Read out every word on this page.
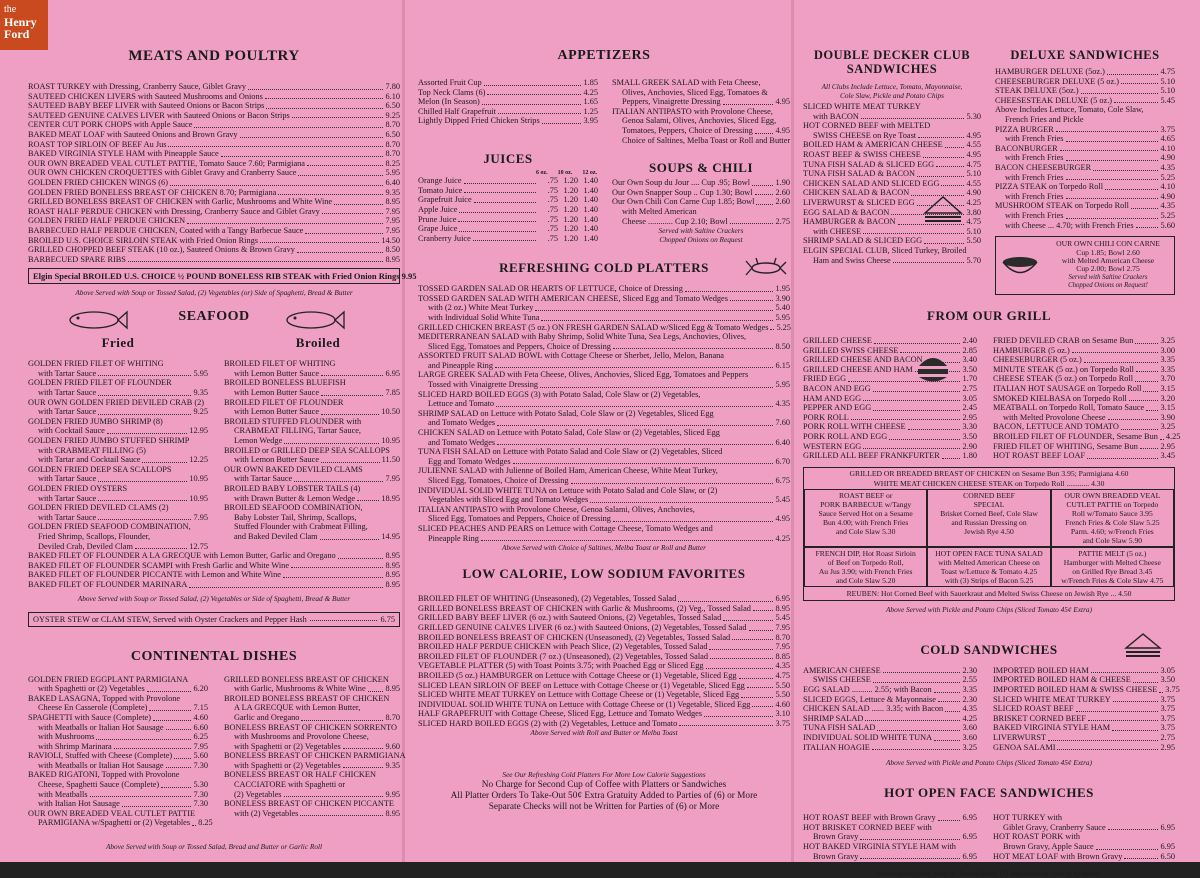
the
Henry
Ford
MEATS AND POULTRY
ROAST TURKEY with Dressing, Cranberry Sauce, Giblet Gravy	7.80
SAUTEED CHICKEN LIVERS with Sauteed Mushrooms and Onions	6.10
SAUTEED BABY BEEF LIVER with Sauteed Onions or Bacon Strips	6.50
SAUTEED GENUINE CALVES LIVER with Sauteed Onions or Bacon Strips	9.25
CENTER CUT PORK CHOPS with Apple Sauce	8.70
BAKED MEAT LOAF with Sauteed Onions and Brown Gravy	6.50
ROAST TOP SIRLOIN OF BEEF Au Jus	8.70
BAKED VIRGINIA STYLE HAM with Pineapple Sauce	8.70
OUR OWN BREADED VEAL CUTLET PATTIE, Tomato Sauce 7.60; Parmigiana	8.25
OUR OWN CHICKEN CROQUETTES with Giblet Gravy and Cranberry Sauce	5.95
GOLDEN FRIED CHICKEN WINGS (6)	6.40
GOLDEN FRIED BONELESS BREAST OF CHICKEN 8.70; Parmigiana	9.35
GRILLED BONELESS BREAST OF CHICKEN with Garlic, Mushrooms and White Wine	8.95
ROAST HALF PERDUE CHICKEN with Dressing, Cranberry Sauce and Giblet Gravy	7.95
GOLDEN FRIED HALF PERDUE CHICKEN	7.95
BARBECUED HALF PERDUE CHICKEN, Coated with a Tangy Barbecue Sauce	7.95
BROILED U.S. CHOICE SIRLOIN STEAK with Fried Onion Rings	14.50
GRILLED CHOPPED BEEF STEAK (10 oz.), Sauteed Onions & Brown Gravy	8.50
BARBECUED SPARE RIBS	8.95
Elgin Special BROILED U.S. CHOICE ½ POUND BONELESS RIB STEAK with Fried Onion Rings 9.95
Above Served with Soup or Tossed Salad, (2) Vegetables (or) Side of Spaghetti, Bread & Butter
SEAFOOD
Fried	Broiled
GOLDEN FRIED FILET OF WHITING
with Tartar Sauce	5.95
GOLDEN FRIED FILET OF FLOUNDER
with Tartar Sauce	9.35
OUR OWN GOLDEN FRIED DEVILED CRAB (2)
with Tartar Sauce	9.25
GOLDEN FRIED JUMBO SHRIMP (8)
with Cocktail Sauce	12.95
GOLDEN FRIED JUMBO STUFFED SHRIMP
with CRABMEAT FILLING (5)
with Tartar and Cocktail Sauce	12.25
GOLDEN FRIED DEEP SEA SCALLOPS
with Tartar Sauce	10.95
GOLDEN FRIED OYSTERS
with Tartar Sauce	10.95
GOLDEN FRIED DEVILED CLAMS (2)
with Tartar Sauce	7.95
GOLDEN FRIED SEAFOOD COMBINATION,
Fried Shrimp, Scallops, Flounder,
Deviled Crab, Deviled Clam	12.75
BROILED FILET OF WHITING
with Lemon Butter Sauce	6.95
BROILED BONELESS BLUEFISH
with Lemon Butter Sauce	7.85
BROILED FILET OF FLOUNDER
with Lemon Butter Sauce	10.50
BROILED STUFFED FLOUNDER with
CRABMEAT FILLING, Tartar Sauce,
Lemon Wedge	10.95
BROILED or GRILLED DEEP SEA SCALLOPS
with Lemon Butter Sauce	11.50
OUR OWN BAKED DEVILED CLAMS
with Tartar Sauce	7.95
BROILED BABY LOBSTER TAILS (4)
with Drawn Butter & Lemon Wedge	18.95
BROILED SEAFOOD COMBINATION,
Baby Lobster Tail, Shrimp, Scallops,
Stuffed Flounder with Crabmeat Filling,
and Baked Deviled Clam	14.95
BAKED FILET OF FLOUNDER A LA GRECQUE with Lemon Butter, Garlic and Oregano	8.95
BAKED FILET OF FLOUNDER SCAMPI with Fresh Garlic and White Wine	8.95
BAKED FILET OF FLOUNDER PICCANTE with Lemon and White Wine	8.95
BAKED FILET OF FLOUNDER MARINARA	8.95
Above Served with Soup or Tossed Salad, (2) Vegetables or Side of Spaghetti, Bread & Butter
OYSTER STEW or CLAM STEW, Served with Oyster Crackers and Pepper Hash	6.75
CONTINENTAL DISHES
GOLDEN FRIED EGGPLANT PARMIGIANA
with Spaghetti or (2) Vegetables	6.20
BAKED LASAGNA, Topped with Provolone
Cheese En Casserole (Complete)	7.15
SPAGHETTI with Sauce (Complete)	4.60
with Meatballs or Italian Hot Sausage	6.60
with Mushrooms	6.25
with Shrimp Marinara	7.95
RAVIOLI, Stuffed with Cheese (Complete)	5.60
with Meatballs or Italian Hot Sausage	7.30
BAKED RIGATONI, Topped with Provolone
Cheese, Spaghetti Sauce (Complete)	5.30
with Meatballs	7.30
with Italian Hot Sausage	7.30
OUR OWN BREADED VEAL CUTLET PATTIE
PARMIGIANA w/Spaghetti or (2) Vegetables 8.25
GRILLED BONELESS BREAST OF CHICKEN
with Garlic, Mushrooms & White Wine 8.95
BROILED BONELESS BREAST OF CHICKEN
A LA GRECQUE with Lemon Butter,
Garlic and Oregano	8.70
BONELESS BREAST OF CHICKEN SORRENTO
with Mushrooms and Provolone Cheese,
with Spaghetti or (2) Vegetables	9.60
BONELESS BREAST OF CHICKEN PARMIGIANA
with Spaghetti or (2) Vegetables	9.35
BONELESS BREAST OR HALF CHICKEN
CACCIATORE with Spaghetti or
(2) Vegetables	9.95
BONELESS BREAST OF CHICKEN PICCANTE
with (2) Vegetables	8.95
Above Served with Soup or Tossed Salad, Bread and Butter or Garlic Roll
APPETIZERS
Assorted Fruit Cup	1.85
Top Neck Clams (6)	4.25
Melon (In Season)	1.65
Chilled Half Grapefruit	1.25
Lightly Dipped Fried Chicken Strips	3.95
SMALL GREEK SALAD with Feta Cheese,
Olives, Anchovies, Sliced Egg, Tomatoes &
Peppers, Vinaigrette Dressing	4.95
ITALIAN ANTIPASTO with Provolone Cheese,
Genoa Salami, Olives, Anchovies, Sliced Egg,
Tomatoes, Peppers, Choice of Dressing	4.95
Choice of Saltines, Melba Toast or Roll and Butter
JUICES
6 oz. 10 oz. 12 oz.
Orange Juice	.75 1.20 1.40
Tomato Juice	.75 1.20 1.40
Grapefruit Juice	.75 1.20 1.40
Apple Juice	.75 1.20 1.40
Prune Juice	.75 1.20 1.40
Grape Juice	.75 1.20 1.40
Cranberry Juice	.75 1.20 1.40
SOUPS & CHILI
Our Own Soup du Jour .... Cup .95; Bowl	1.90
Our Own Snapper Soup .. Cup 1.30; Bowl	2.60
Our Own Chili Con Carne Cup 1.85; Bowl	2.60
with Melted American
Cheese ............ Cup 2.10; Bowl	2.75
Served with Saltine Crackers
Chopped Onions on Request
REFRESHING COLD PLATTERS
TOSSED GARDEN SALAD OR HEARTS OF LETTUCE, Choice of Dressing	1.95
TOSSED GARDEN SALAD WITH AMERICAN CHEESE, Sliced Egg and Tomato Wedges	3.90
with (2 oz.) White Meat Turkey	5.40
with Individual Solid White Tuna	5.95
GRILLED CHICKEN BREAST (5 oz.) ON FRESH GARDEN SALAD w/Sliced Egg & Tomato Wedges 5.25
MEDITERRANEAN SALAD with Baby Shrimp, Solid White Tuna, Sea Legs, Anchovies, Olives,
Sliced Egg, Tomatoes and Peppers, Choice of Dressing	8.50
ASSORTED FRUIT SALAD BOWL with Cottage Cheese or Sherbet, Jello, Melon, Banana
and Pineapple Ring	6.15
LARGE GREEK SALAD with Feta Cheese, Olives, Anchovies, Sliced Egg, Tomatoes and Peppers
Tossed with Vinaigrette Dressing	5.95
SLICED HARD BOILED EGGS (3) with Potato Salad, Cole Slaw or (2) Vegetables,
Lettuce and Tomato	4.35
SHRIMP SALAD on Lettuce with Potato Salad, Cole Slaw or (2) Vegetables, Sliced Egg
and Tomato Wedges	7.60
CHICKEN SALAD on Lettuce with Potato Salad, Cole Slaw or (2) Vegetables, Sliced Egg
and Tomato Wedges	6.40
TUNA FISH SALAD on Lettuce with Potato Salad and Cole Slaw or (2) Vegetables, Sliced
Egg and Tomato Wedges	6.70
JULIENNE SALAD with Julienne of Boiled Ham, American Cheese, White Meat Turkey,
Sliced Egg, Tomatoes, Choice of Dressing	6.75
INDIVIDUAL SOLID WHITE TUNA on Lettuce with Potato Salad and Cole Slaw, or (2)
Vegetables with Sliced Egg and Tomato Wedges	5.45
ITALIAN ANTIPASTO with Provolone Cheese, Genoa Salami, Olives, Anchovies,
Sliced Egg, Tomatoes and Peppers, Choice of Dressing	4.95
SLICED PEACHES AND PEARS on Lettuce with Cottage Cheese, Tomato Wedges and
Pineapple Ring	4.25
Above Served with Choice of Saltines, Melba Toast or Roll and Butter
LOW CALORIE, LOW SODIUM FAVORITES
BROILED FILET OF WHITING (Unseasoned), (2) Vegetables, Tossed Salad	6.95
GRILLED BONELESS BREAST OF CHICKEN with Garlic & Mushrooms, (2) Veg., Tossed Salad	8.95
GRILLED BABY BEEF LIVER (6 oz.) with Sauteed Onions, (2) Vegetables, Tossed Salad	5.45
GRILLED GENUINE CALVES LIVER (6 oz.) with Sauteed Onions, (2) Vegetables, Tossed Salad	7.95
BROILED BONELESS BREAST OF CHICKEN (Unseasoned), (2) Vegetables, Tossed Salad	8.70
BROILED HALF PERDUE CHICKEN with Peach Slice, (2) Vegetables, Tossed Salad	7.95
BROILED FILET OF FLOUNDER (7 oz.) (Unseasoned), (2) Vegetables, Tossed Salad	8.85
VEGETABLE PLATTER (5) with Toast Points 3.75; with Poached Egg or Sliced Egg	4.35
BROILED (5 oz.) HAMBURGER on Lettuce with Cottage Cheese or (1) Vegetable, Sliced Egg	4.75
SLICED LEAN SIRLOIN OF BEEF on Lettuce with Cottage Cheese or (1) Vegetable, Sliced Egg	5.50
SLICED WHITE MEAT TURKEY on Lettuce with Cottage Cheese or (1) Vegetable, Sliced Egg	5.50
INDIVIDUAL SOLID WHITE TUNA on Lettuce with Cottage Cheese or (1) Vegetable, Sliced Egg	4.60
HALF GRAPEFRUIT with Cottage Cheese, Sliced Egg, Lettuce and Tomato Wedges	3.10
SLICED HARD BOILED EGGS (2) with (2) Vegetables, Lettuce and Tomato	3.75
Above Served with Roll and Butter or Melba Toast
See Our Refreshing Cold Platters For More Low Calorie Suggestions
No Charge for Second Cup of Coffee with Platters or Sandwiches
All Platter Orders To Take-Out 50¢ Extra Gratuity Added to Parties of (6) or More
Separate Checks will not be Written for Parties of (6) or More
DOUBLE DECKER CLUB
SANDWICHES
All Clubs Include Lettuce, Tomato, Mayonnaise,
Cole Slaw, Pickle and Potato Chips
SLICED WHITE MEAT TURKEY
with BACON	5.30
HOT CORNED BEEF with MELTED
SWISS CHEESE on Rye Toast	4.95
BOILED HAM & AMERICAN CHEESE	4.55
ROAST BEEF & SWISS CHEESE	4.95
TUNA FISH SALAD & SLICED EGG	4.75
TUNA FISH SALAD & BACON	5.10
CHICKEN SALAD AND SLICED EGG	4.55
CHICKEN SALAD & BACON	4.90
LIVERWURST & SLICED EGG	4.25
EGG SALAD & BACON	3.80
HAMBURGER & BACON	4.75
with CHEESE	5.10
SHRIMP SALAD & SLICED EGG	5.50
ELGIN SPECIAL CLUB, Sliced Turkey, Broiled
Ham and Swiss Cheese	5.70
DELUXE SANDWICHES
HAMBURGER DELUXE (5oz.)	4.75
CHEESEBURGER DELUXE (5 oz.)	5.10
STEAK DELUXE (5oz.)	5.10
CHEESESTEAK DELUXE (5 oz.)	5.45
Above Includes Lettuce, Tomato, Cole Slaw,
French Fries and Pickle
PIZZA BURGER	3.75
with French Fries	4.65
BACONBURGER	4.10
with French Fries	4.90
BACON CHEESEBURGER	4.35
with French Fries	5.25
PIZZA STEAK on Torpedo Roll	4.10
with French Fries	4.90
MUSHROOM STEAK on Torpedo Roll	4.35
with French Fries	5.25
with Cheese ... 4.70; with French Fries	5.60
OUR OWN CHILI CON CARNE
Cup 1.85; Bowl 2.60
with Melted American Cheese
Cup 2.00; Bowl 2.75
Served with Saltine Crackers
Chopped Onions on Request!
FROM OUR GRILL
GRILLED CHEESE	2.40
GRILLED SWISS CHEESE	2.85
GRILLED CHEESE AND BACON	3.40
GRILLED CHEESE AND HAM	3.50
FRIED EGG	1.70
BACON AND EGG	2.75
HAM AND EGG	3.05
PEPPER AND EGG	2.45
PORK ROLL	2.95
PORK ROLL WITH CHEESE	3.30
PORK ROLL AND EGG	3.50
WESTERN EGG	2.90
GRILLED ALL BEEF FRANKFURTER	1.80
FRIED DEVILED CRAB on Sesame Bun	3.25
HAMBURGER (5 oz.)	3.00
CHEESEBURGER (5 oz.)	3.35
MINUTE STEAK (5 oz.) on Torpedo Roll	3.35
CHEESE STEAK (5 oz.) on Torpedo Roll	3.70
ITALIAN HOT SAUSAGE on Torpedo Roll 3.15
SMOKED KIELBASA on Torpedo Roll	3.20
MEATBALL on Torpedo Roll, Tomato Sauce 3.15
with Melted Provolone Cheese	3.90
BACON, LETTUCE AND TOMATO	3.25
BROILED FILET OF FLOUNDER, Sesame Bun 4.25
FRIED FILET OF WHITING, Sesame Bun	2.95
HOT ROAST BEEF LOAF	3.45
GRILLED OR BREADED BREAST OF CHICKEN on Sesame Bun 3.95; Parmigiana 4.60
WHITE MEAT CHICKEN CHEESE STEAK on Torpedo Roll ............ 4.30
ROAST BEEF or
PORK BARBECUE w/Tangy
Sauce Served Hot on a Sesame
Bun 4.00; with French Fries
and Cole Slaw 5.30
CORNED BEEF
SPECIAL
Brisket Corned Beef, Cole Slaw
and Russian Dressing on
Jewish Rye 4.50
OUR OWN BREADED VEAL
CUTLET PATTIE on Torpedo
Roll w/Tomato Sauce 3.95
French Fries & Cole Slaw 5.25
Parm. 4.60; w/French Fries
and Cole Slaw 5.90
FRENCH DIP, Hot Roast Sirloin
of Beef on Torpedo Roll,
Au Jus 3.90; with French Fries
and Cole Slaw 5.20
HOT OPEN FACE TUNA SALAD
with Melted American Cheese on
Toast w/Lettuce & Tomato 4.25
with (3) Strips of Bacon 5.25
PATTIE MELT (5 oz.)
Hamburger with Melted Cheese
on Grilled Rye Bread 3.45
w/French Fries & Cole Slaw 4.75
REUBEN: Hot Corned Beef with Sauerkraut and Melted Swiss Cheese on Jewish Rye ... 4.50
Above Served with Pickle and Potato Chips (Sliced Tomato 45¢ Extra)
COLD SANDWICHES
AMERICAN CHEESE	2.30
SWISS CHEESE	2.55
EGG SALAD .......... 2.55; with Bacon	3.35
SLICED EGGS, Lettuce & Mayonnaise	2.30
CHICKEN SALAD ...... 3.35; with Bacon 4.35
SHRIMP SALAD	4.25
TUNA FISH SALAD	3.60
INDIVIDUAL SOLID WHITE TUNA	3.60
ITALIAN HOAGIE	3.25
IMPORTED BOILED HAM	3.05
IMPORTED BOILED HAM & CHEESE	3.50
IMPORTED BOILED HAM & SWISS CHEESE 3.75
SLICED WHITE MEAT TURKEY	3.75
SLICED ROAST BEEF	3.75
BRISKET CORNED BEEF	3.75
BAKED VIRGINIA STYLE HAM	3.75
LIVERWURST	2.75
GENOA SALAMI	2.95
Above Served with Pickle and Potato Chips (Sliced Tomato 45¢ Extra)
HOT OPEN FACE SANDWICHES
HOT ROAST BEEF with Brown Gravy	6.95
HOT BRISKET CORNED BEEF with
Brown Gravy	6.95
HOT BAKED VIRGINIA STYLE HAM with
Brown Gravy	6.95
HOT TURKEY with
Giblet Gravy, Cranberry Sauce	6.95
HOT ROAST PORK with
Brown Gravy, Apple Sauce	6.95
HOT MEAT LOAF with Brown Gravy	6.50
Above Served with Soup or Tossed Salad, (2) Vegetables or Side of Spaghetti
